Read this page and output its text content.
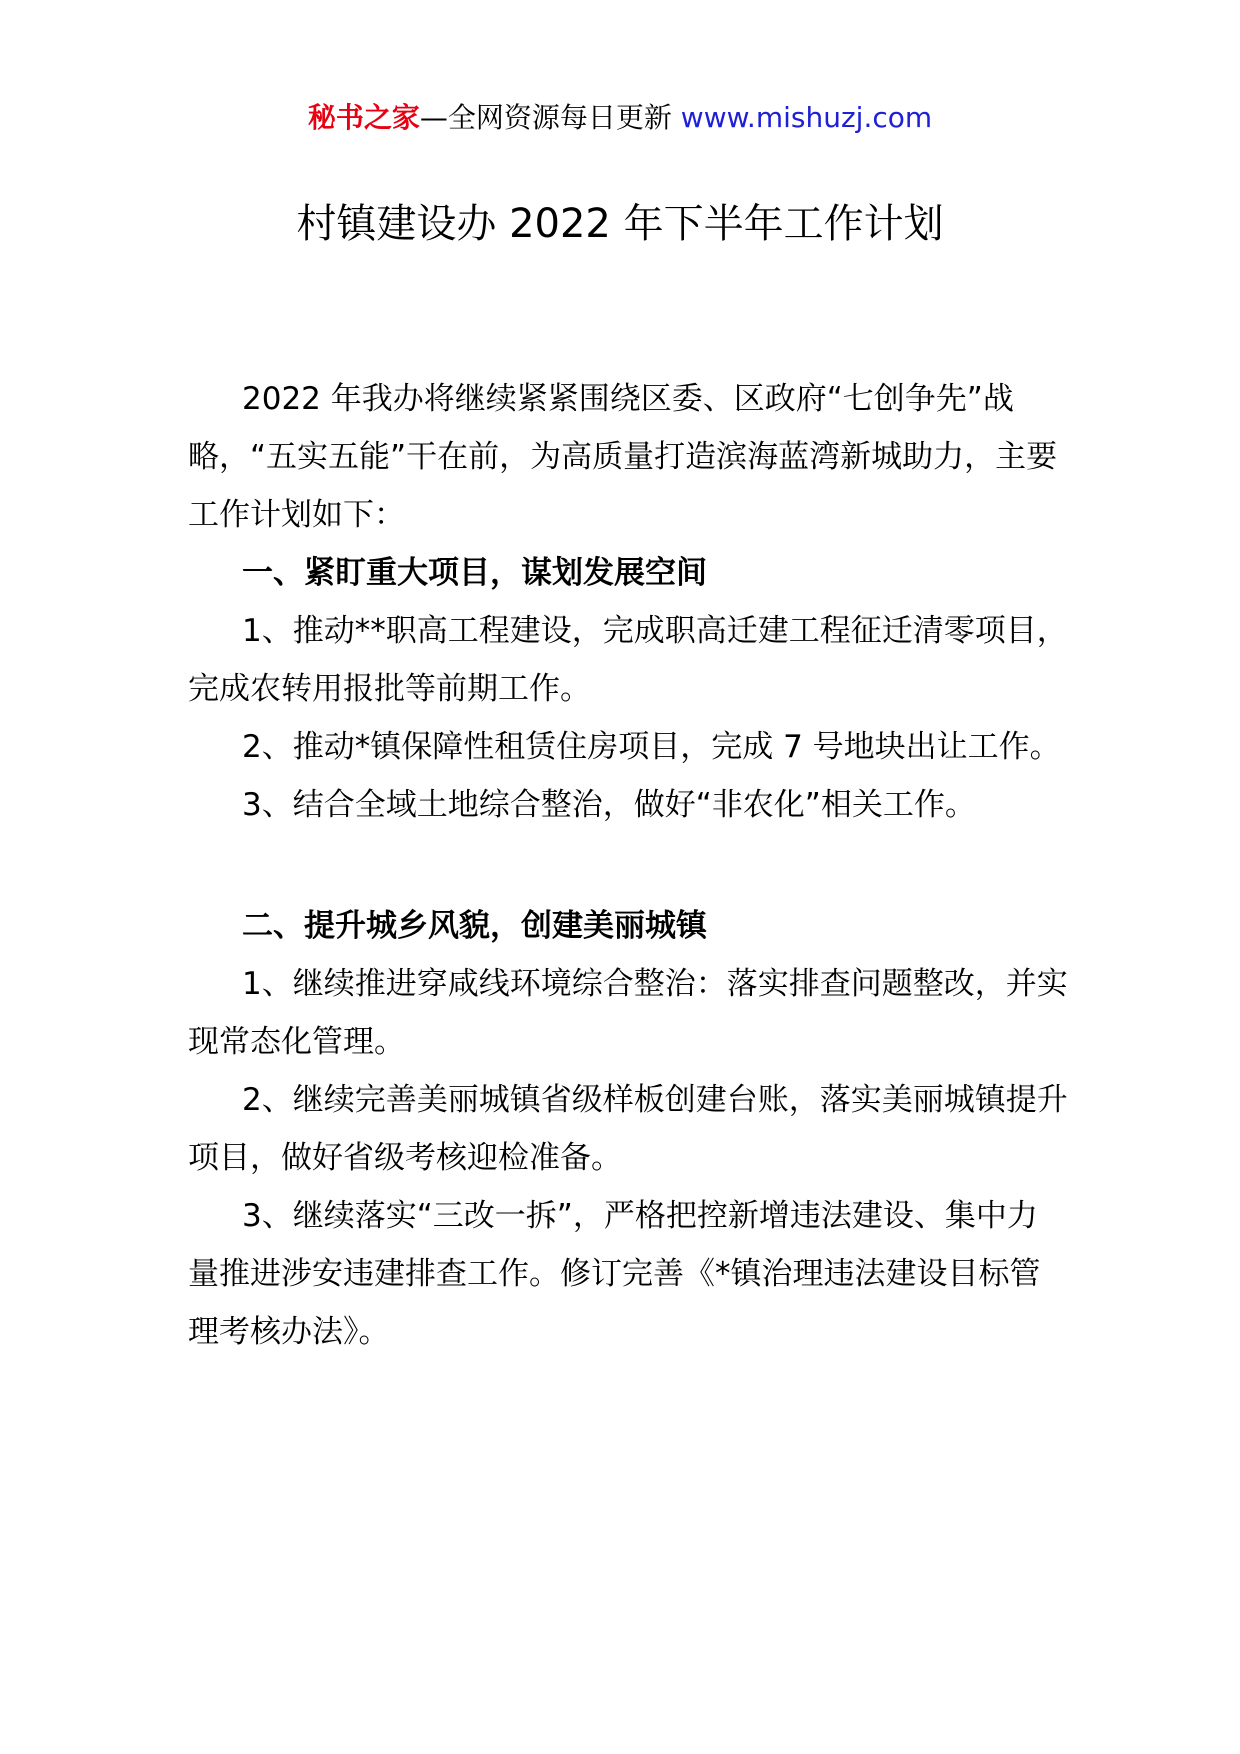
秘书之家—全网资源每日更新 www.mishuzj.com
村镇建设办 2022 年下半年工作计划

2022 年我办将继续紧紧围绕区委、区政府“七创争先”战略，“五实五能”干在前，为高质量打造滨海蓝湾新城助力，主要工作计划如下：

一、紧盯重大项目，谋划发展空间

1、推动**职高工程建设，完成职高迁建工程征迁清零项目，完成农转用报批等前期工作。

2、推动*镇保障性租赁住房项目，完成 7 号地块出让工作。

3、结合全域土地综合整治，做好“非农化”相关工作。

二、提升城乡风貌，创建美丽城镇

1、继续推进穿咸线环境综合整治：落实排查问题整改，并实现常态化管理。

2、继续完善美丽城镇省级样板创建台账，落实美丽城镇提升项目，做好省级考核迎检准备。

3、继续落实“三改一拆”，严格把控新增违法建设、集中力量推进涉安违建排查工作。修订完善《*镇治理违法建设目标管理考核办法》。
